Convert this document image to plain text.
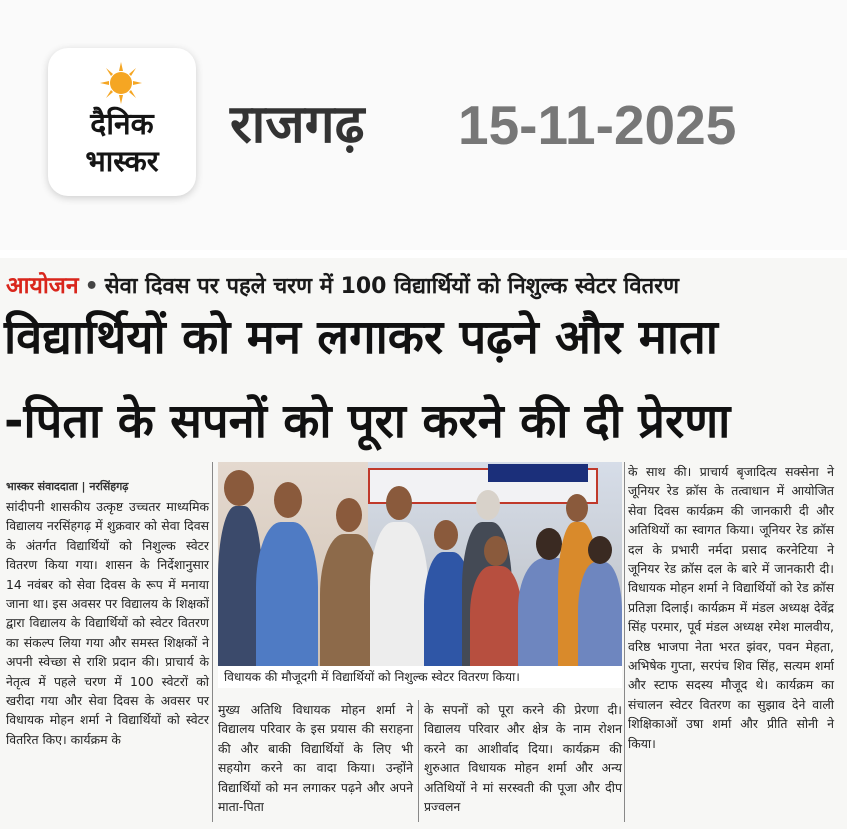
दैनिक
भास्कर
राजगढ़ 15-11-2025
आयोजन • सेवा दिवस पर पहले चरण में 100 विद्यार्थियों को निशुल्क स्वेटर वितरण
विद्यार्थियों को मन लगाकर पढ़ने और माता
-पिता के सपनों को पूरा करने की दी प्रेरणा
भास्कर संवाददाता | नरसिंहगढ़

सांदीपनी शासकीय उत्कृष्ट उच्चतर माध्यमिक विद्यालय नरसिंहगढ़ में शुक्रवार को सेवा दिवस के अंतर्गत विद्यार्थियों को निशुल्क स्वेटर वितरण किया गया। शासन के निर्देशानुसार 14 नवंबर को सेवा दिवस के रूप में मनाया जाना था। इस अवसर पर विद्यालय के शिक्षकों द्वारा विद्यालय के विद्यार्थियों को स्वेटर वितरण का संकल्प लिया गया और समस्त शिक्षकों ने अपनी स्वेच्छा से राशि प्रदान की। प्राचार्य के नेतृत्व में पहले चरण में 100 स्वेटरों को खरीदा गया और सेवा दिवस के अवसर पर विधायक मोहन शर्मा ने विद्यार्थियों को स्वेटर वितरित किए। कार्यक्रम के

विधायक की मौजूदगी में विद्यार्थियों को निशुल्क स्वेटर वितरण किया।

मुख्य अतिथि विधायक मोहन शर्मा ने विद्यालय परिवार के इस प्रयास की सराहना की और बाकी विद्यार्थियों के लिए भी सहयोग करने का वादा किया। उन्होंने विद्यार्थियों को मन लगाकर पढ़ने और अपने माता-पिता

के सपनों को पूरा करने की प्रेरणा दी। विद्यालय परिवार और क्षेत्र के नाम रोशन करने का आशीर्वाद दिया। कार्यक्रम की शुरुआत विधायक मोहन शर्मा और अन्य अतिथियों ने मां सरस्वती की पूजा और दीप प्रज्वलन

के साथ की। प्राचार्य बृजादित्य सक्सेना ने जूनियर रेड क्रॉस के तत्वाधान में आयोजित सेवा दिवस कार्यक्रम की जानकारी दी और अतिथियों का स्वागत किया। जूनियर रेड क्रॉस दल के प्रभारी नर्मदा प्रसाद करनेटिया ने जूनियर रेड क्रॉस दल के बारे में जानकारी दी। विधायक मोहन शर्मा ने विद्यार्थियों को रेड क्रॉस प्रतिज्ञा दिलाई। कार्यक्रम में मंडल अध्यक्ष देवेंद्र सिंह परमार, पूर्व मंडल अध्यक्ष रमेश मालवीय, वरिष्ठ भाजपा नेता भरत झंवर, पवन मेहता, अभिषेक गुप्ता, सरपंच शिव सिंह, सत्यम शर्मा और स्टाफ सदस्य मौजूद थे। कार्यक्रम का संचालन स्वेटर वितरण का सुझाव देने वाली शिक्षिकाओं उषा शर्मा और प्रीति सोनी ने किया।
